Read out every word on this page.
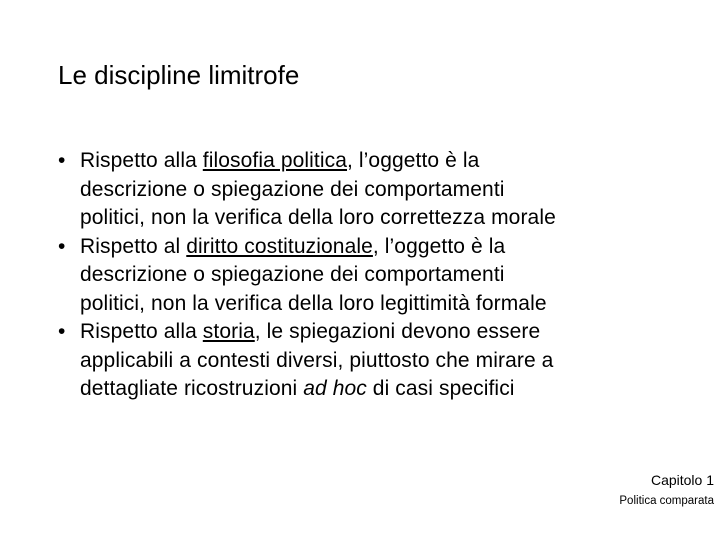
Le discipline limitrofe
• Rispetto alla filosofia politica, l’oggetto è la
descrizione o spiegazione dei comportamenti
politici, non la verifica della loro correttezza morale
• Rispetto al diritto costituzionale, l’oggetto è la
descrizione o spiegazione dei comportamenti
politici, non la verifica della loro legittimità formale
• Rispetto alla storia, le spiegazioni devono essere
applicabili a contesti diversi, piuttosto che mirare a
dettagliate ricostruzioni ad hoc di casi specifici
Capitolo 1
Politica comparata
